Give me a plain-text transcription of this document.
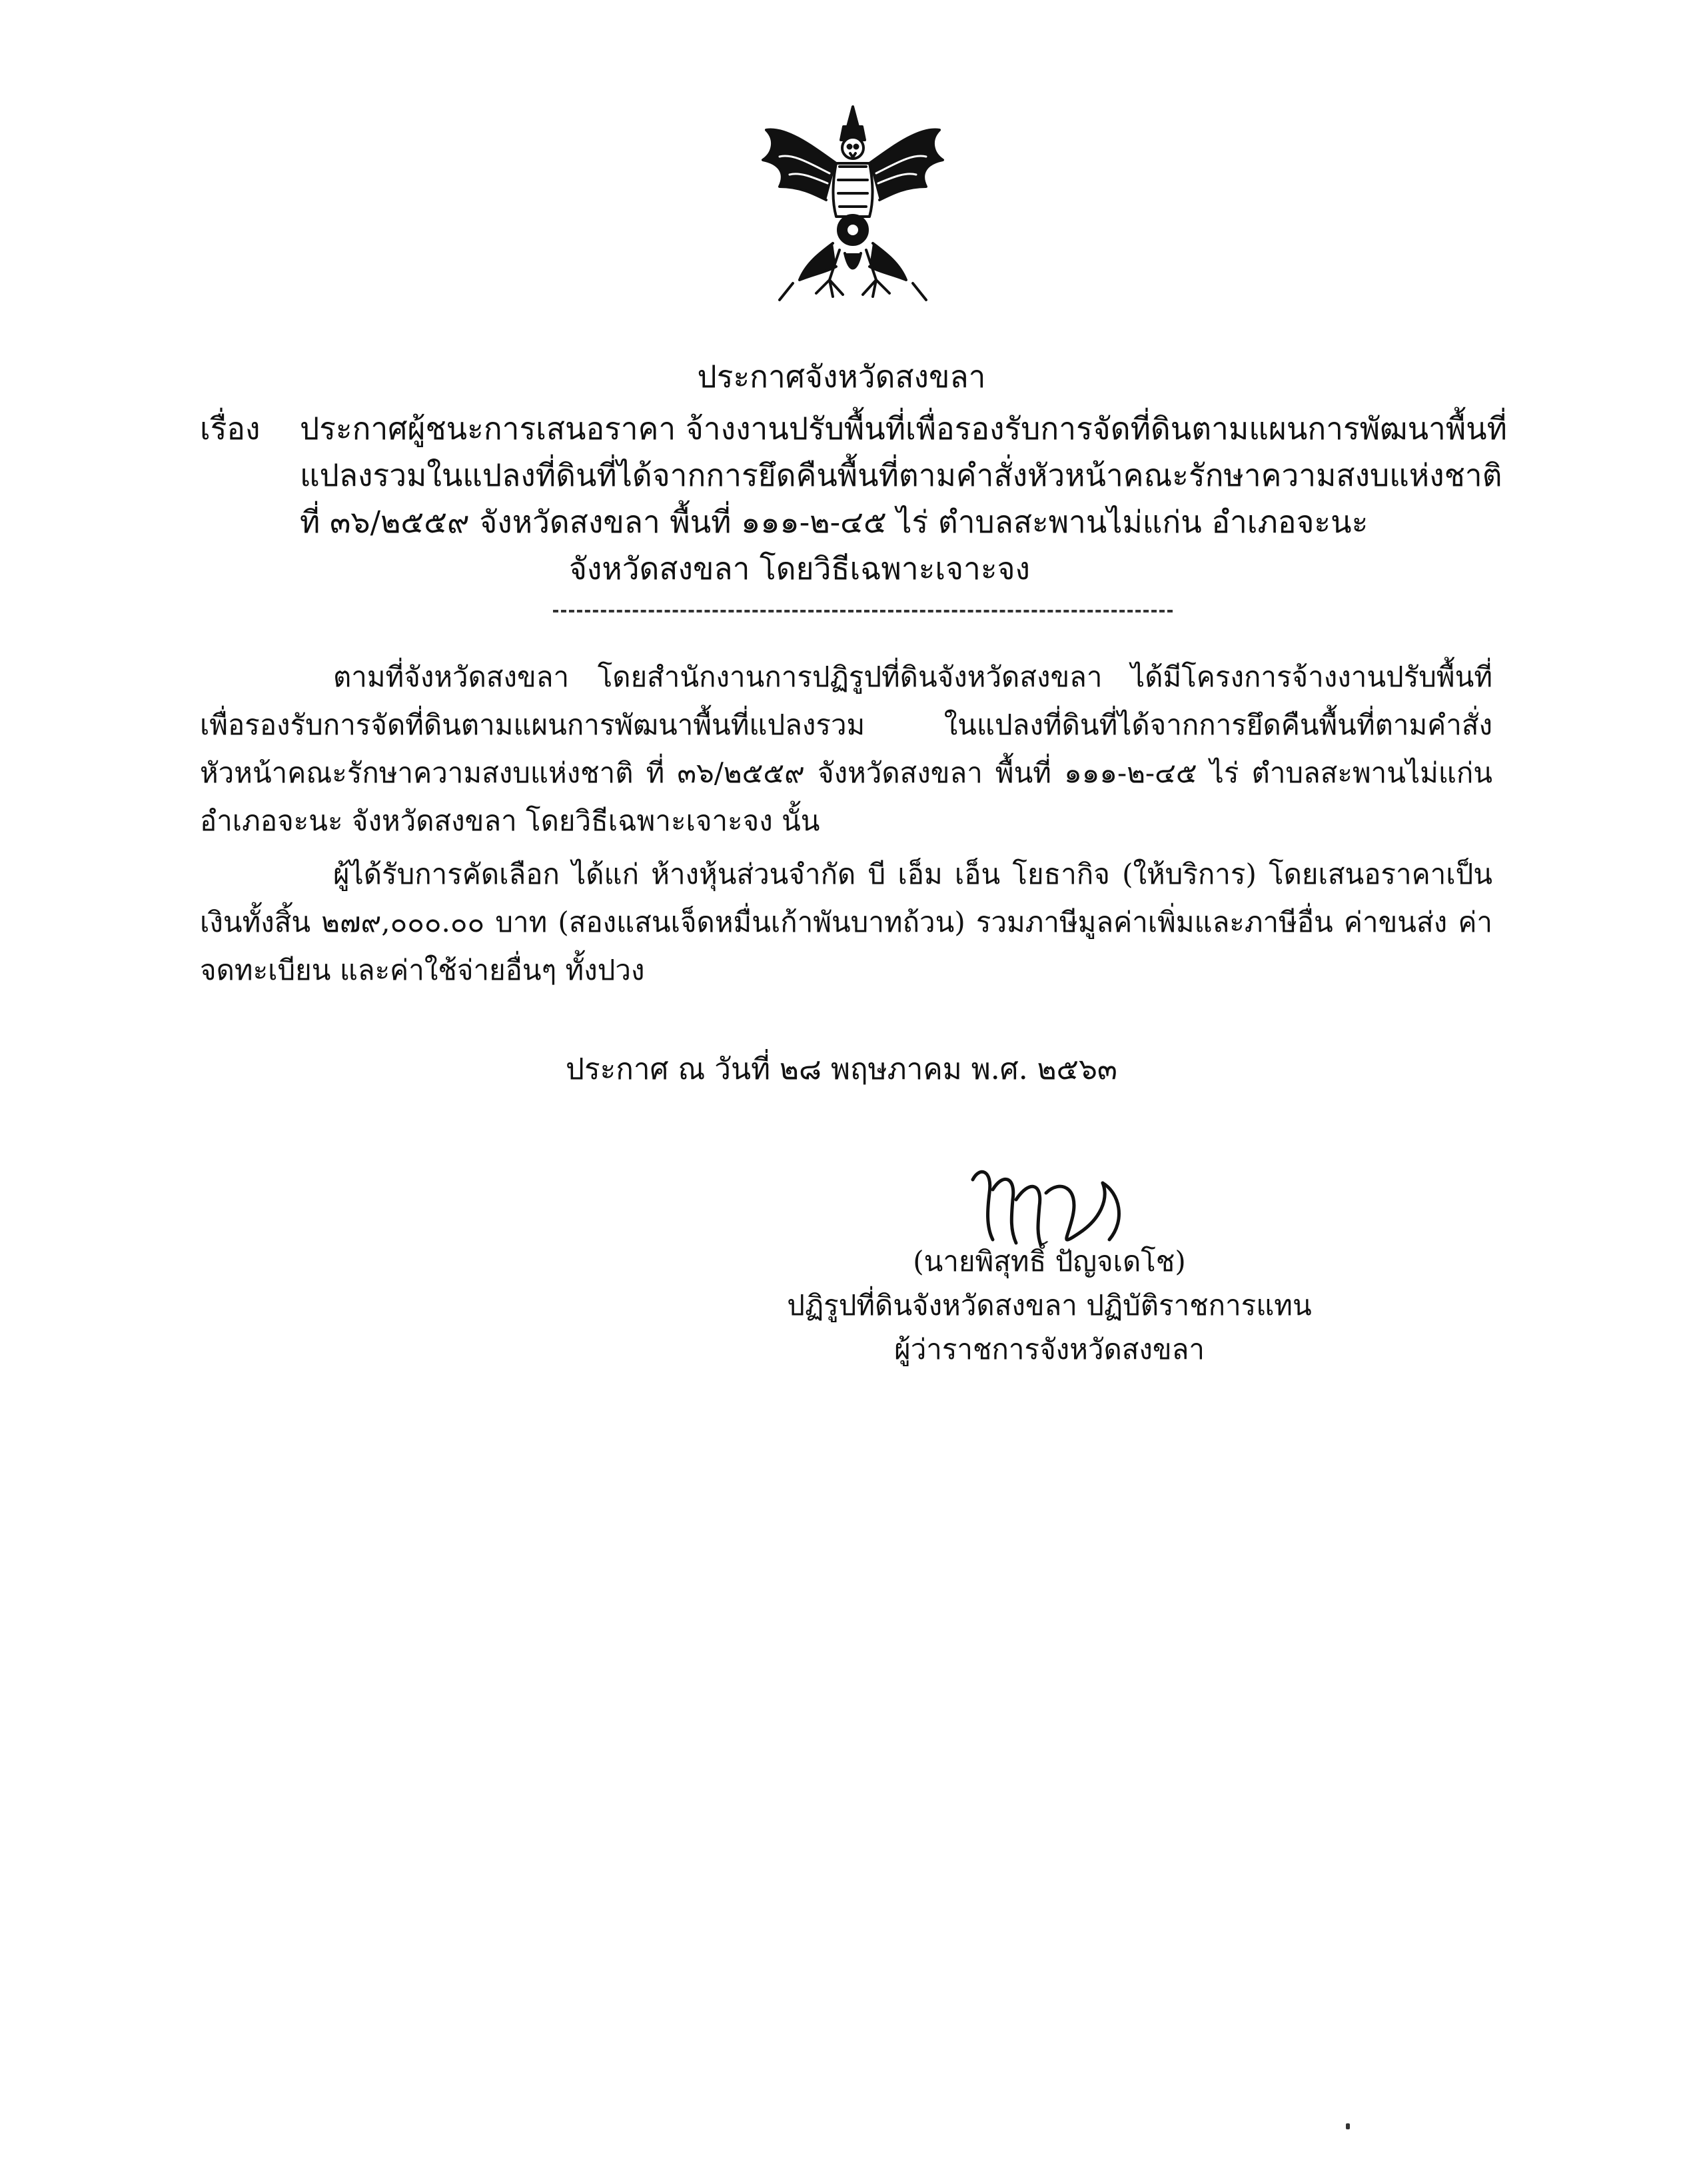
ประกาศจังหวัดสงขลา
เรื่อง ประกาศผู้ชนะการเสนอราคา จ้างงานปรับพื้นที่เพื่อรองรับการจัดที่ดินตามแผนการพัฒนาพื้นที่
แปลงรวมในแปลงที่ดินที่ได้จากการยึดคืนพื้นที่ตามคำสั่งหัวหน้าคณะรักษาความสงบแห่งชาติ
ที่ ๓๖/๒๕๕๙ จังหวัดสงขลา พื้นที่ ๑๑๑-๒-๔๕ ไร่ ตำบลสะพานไม่แก่น อำเภอจะนะ
จังหวัดสงขลา โดยวิธีเฉพาะเจาะจง

ตามที่จังหวัดสงขลา โดยสำนักงานการปฏิรูปที่ดินจังหวัดสงขลา ได้มีโครงการจ้างงานปรับพื้นที่เพื่อรองรับการจัดที่ดินตามแผนการพัฒนาพื้นที่แปลงรวม ในแปลงที่ดินที่ได้จากการยึดคืนพื้นที่ตามคำสั่งหัวหน้าคณะรักษาความสงบแห่งชาติ ที่ ๓๖/๒๕๕๙ จังหวัดสงขลา พื้นที่ ๑๑๑-๒-๔๕ ไร่ ตำบลสะพานไม่แก่น อำเภอจะนะ จังหวัดสงขลา โดยวิธีเฉพาะเจาะจง นั้น

ผู้ได้รับการคัดเลือก ได้แก่ ห้างหุ้นส่วนจำกัด บี เอ็ม เอ็น โยธากิจ (ให้บริการ) โดยเสนอราคาเป็นเงินทั้งสิ้น ๒๗๙,๐๐๐.๐๐ บาท (สองแสนเจ็ดหมื่นเก้าพันบาทถ้วน) รวมภาษีมูลค่าเพิ่มและภาษีอื่น ค่าขนส่ง ค่าจดทะเบียน และค่าใช้จ่ายอื่นๆ ทั้งปวง

ประกาศ ณ วันที่ ๒๘ พฤษภาคม พ.ศ. ๒๕๖๓
(นายพิสุทธิ์ ปัญจเดโช)
ปฏิรูปที่ดินจังหวัดสงขลา ปฏิบัติราชการแทน
ผู้ว่าราชการจังหวัดสงขลา
